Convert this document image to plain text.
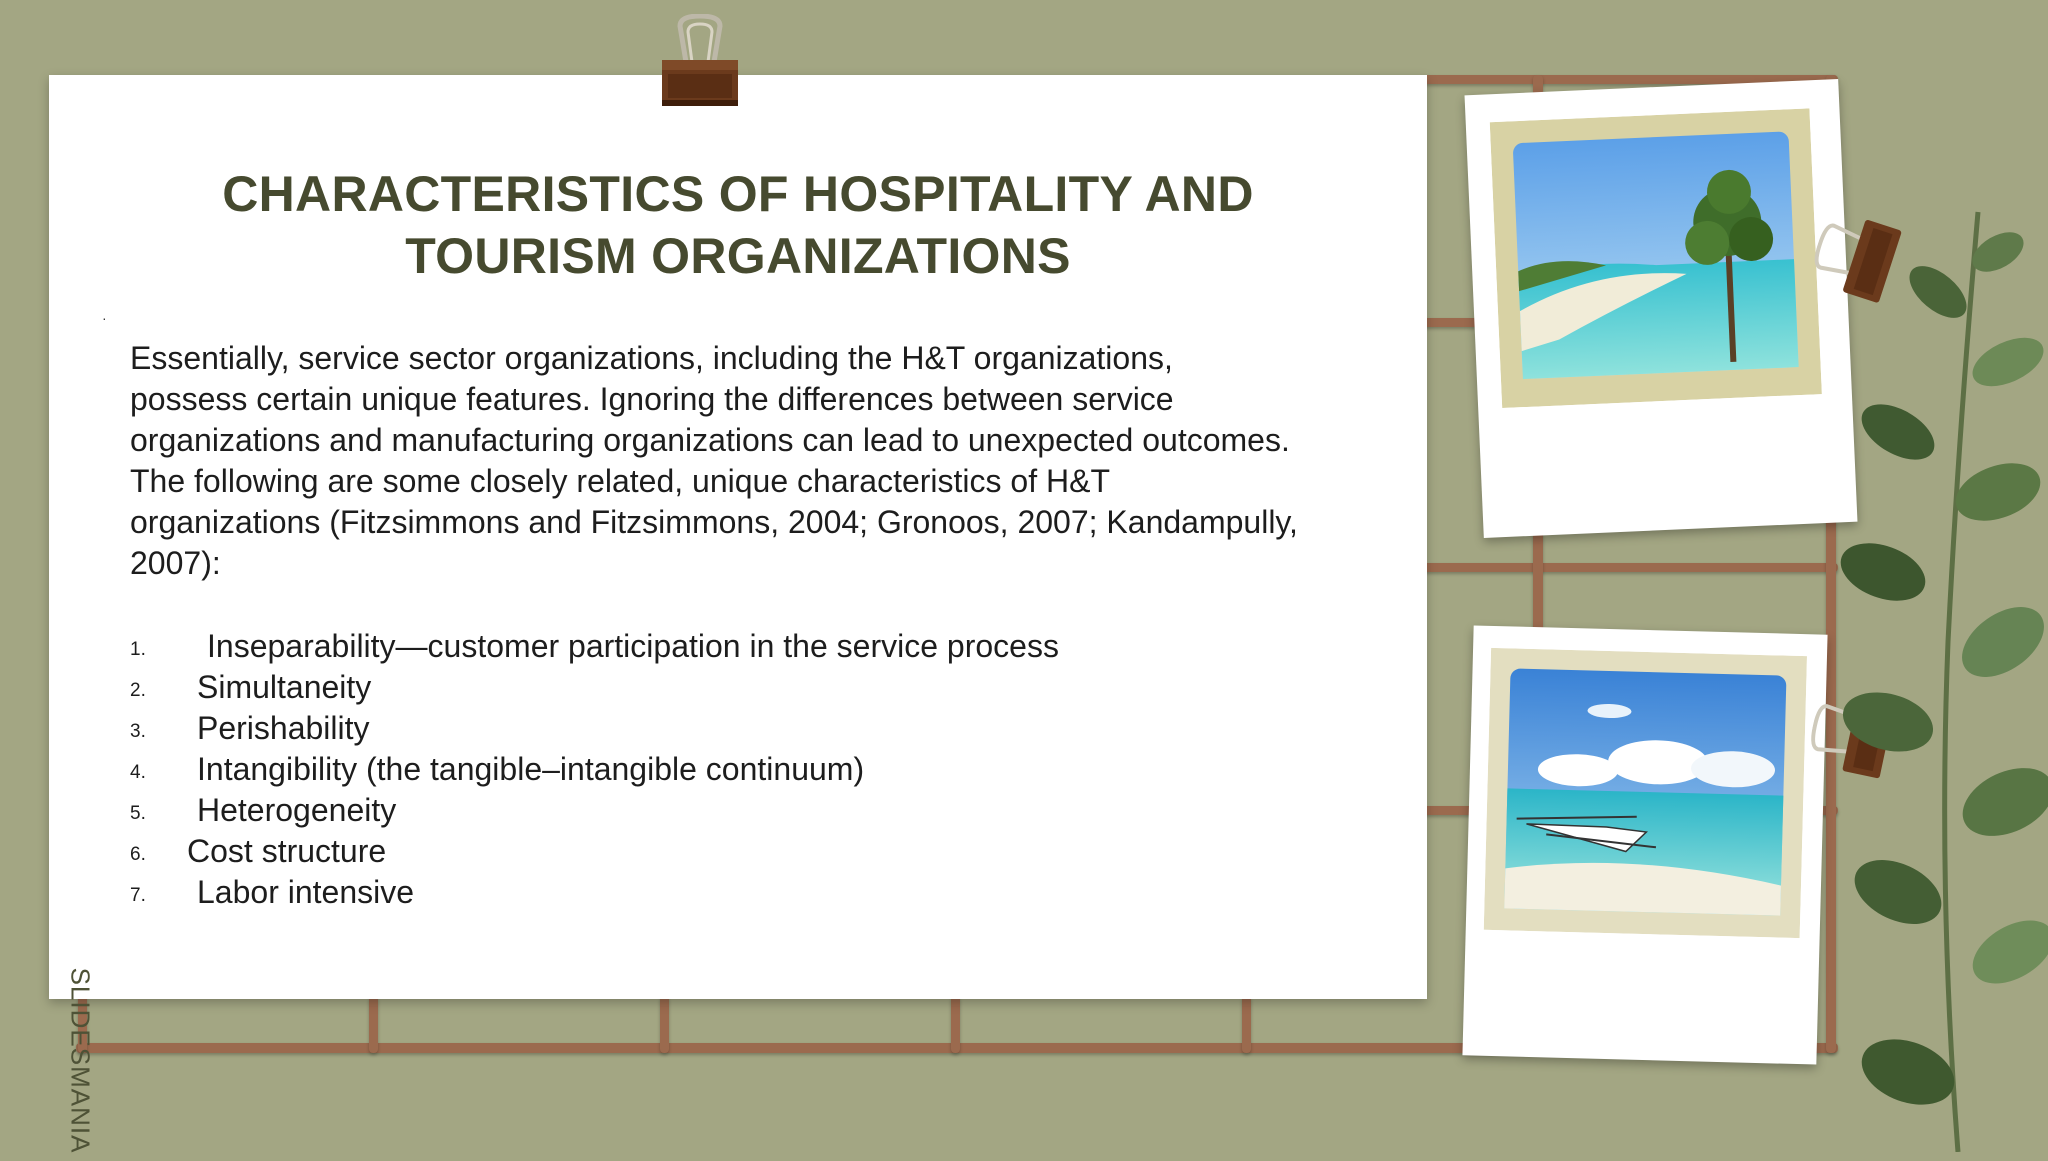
CHARACTERISTICS OF HOSPITALITY AND
TOURISM ORGANIZATIONS
·
Essentially, service sector organizations, including the H&T organizations,
possess certain unique features. Ignoring the differences between service
organizations and manufacturing organizations can lead to unexpected outcomes.
The following are some closely related, unique characteristics of H&T
organizations (Fitzsimmons and Fitzsimmons, 2004; Gronoos, 2007; Kandampully,
2007):
1. Inseparability—customer participation in the service process
2. Simultaneity
3. Perishability
4. Intangibility (the tangible–intangible continuum)
5. Heterogeneity
6. Cost structure
7. Labor intensive
SLIDESMANIA
